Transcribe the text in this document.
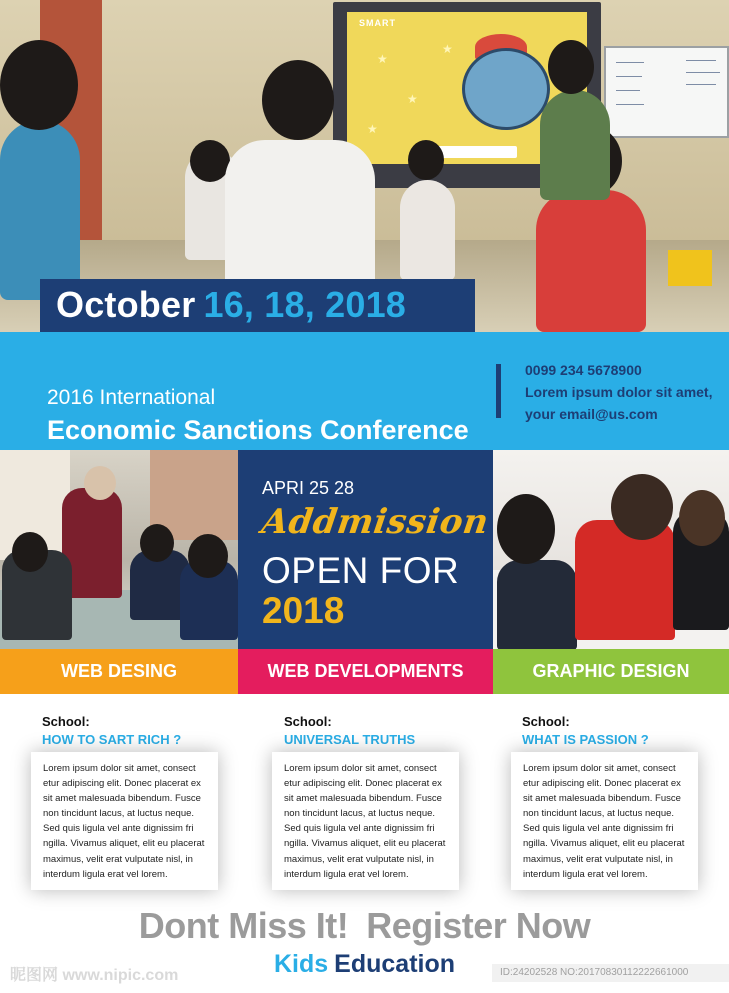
SMART
★
★
★
★
October 16, 18, 2018
2016 International
Economic Sanctions Conference
0099 234 5678900
Lorem ipsum dolor sit amet,
your email@us.com
APRI 25 28
Addmission
OPEN FOR
2018
WEB DESING	WEB DEVELOPMENTS	GRAPHIC DESIGN
School:
HOW TO SART RICH ?
Lorem ipsum dolor sit amet, consect etur adipiscing elit. Donec placerat ex sit amet malesuada bibendum. Fusce non tincidunt lacus, at luctus neque. Sed quis ligula vel ante dignissim fri ngilla. Vivamus aliquet, elit eu placerat maximus, velit erat vulputate nisl, in interdum ligula erat vel lorem.
School:
UNIVERSAL TRUTHS
Lorem ipsum dolor sit amet, consect etur adipiscing elit. Donec placerat ex sit amet malesuada bibendum. Fusce non tincidunt lacus, at luctus neque. Sed quis ligula vel ante dignissim fri ngilla. Vivamus aliquet, elit eu placerat maximus, velit erat vulputate nisl, in interdum ligula erat vel lorem.
School:
WHAT IS PASSION ?
Lorem ipsum dolor sit amet, consect etur adipiscing elit. Donec placerat ex sit amet malesuada bibendum. Fusce non tincidunt lacus, at luctus neque. Sed quis ligula vel ante dignissim fri ngilla. Vivamus aliquet, elit eu placerat maximus, velit erat vulputate nisl, in interdum ligula erat vel lorem.
Dont Miss It! Register Now
Kids Education
昵图网 www.nipic.com	ID:24202528 NO:20170830112222661000
